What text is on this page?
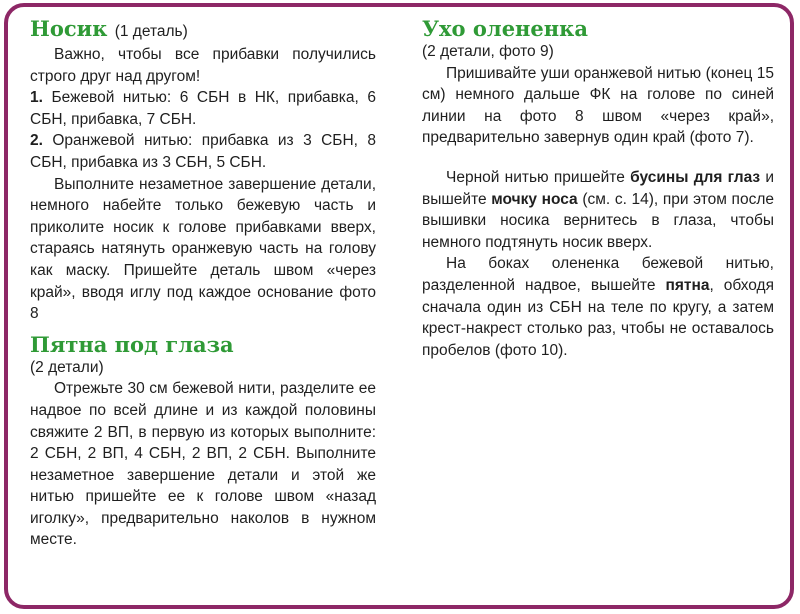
Носик (1 деталь)

Важно, чтобы все прибавки получились строго друг над другом!

1. Бежевой нитью: 6 СБН в НК, прибавка, 6 СБН, прибавка, 7 СБН.

2. Оранжевой нитью: прибавка из 3 СБН, 8 СБН, прибавка из 3 СБН, 5 СБН.

Выполните незаметное завершение детали, немного набейте только бежевую часть и приколите носик к голове прибавками вверх, стараясь натянуть оранжевую часть на голову как маску. Пришейте деталь швом «через край», вводя иглу под каждое основание фото 8

Пятна под глаза

(2 детали)

Отрежьте 30 см бежевой нити, разделите ее надвое по всей длине и из каждой половины свяжите 2 ВП, в первую из которых выполните: 2 СБН, 2 ВП, 4 СБН, 2 ВП, 2 СБН. Выполните незаметное завершение детали и этой же нитью пришейте ее к голове швом «назад иголку», предварительно наколов в нужном месте.

Ухо олененка

(2 детали, фото 9)

Пришивайте уши оранжевой нитью (конец 15 см) немного дальше ФК на голове по синей линии на фото 8 швом «через край», предварительно завернув один край (фото 7).

Черной нитью пришейте бусины для глаз и вышейте мочку носа (см. с. 14), при этом после вышивки носика вернитесь в глаза, чтобы немного подтянуть носик вверх.

На боках олененка бежевой нитью, разделенной надвое, вышейте пятна, обходя сначала один из СБН на теле по кругу, а затем крест-накрест столько раз, чтобы не оставалось пробелов (фото 10).
